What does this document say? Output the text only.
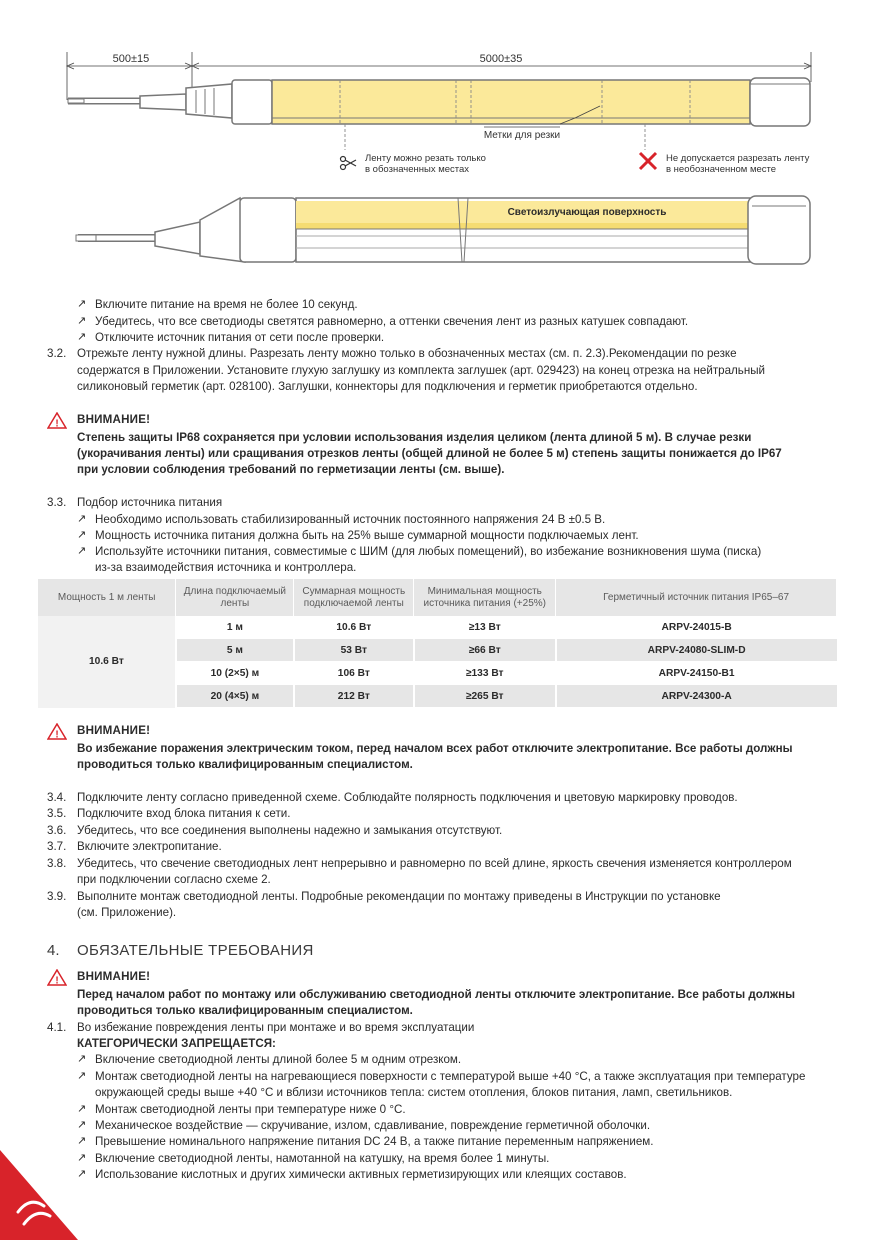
500±15	5000±35
Метки для резки
Ленту можно резать только
в обозначенных местах
Не допускается разрезать ленту
в необозначенном месте
Светоизлучающая поверхность
↗ Включите питание на время не более 10 секунд.
↗ Убедитесь, что все светодиоды светятся равномерно, а оттенки свечения лент из разных катушек совпадают.
↗ Отключите источник питания от сети после проверки.
3.2. Отрежьте ленту нужной длины. Разрезать ленту можно только в обозначенных местах (см. п. 2.3).Рекомендации по резке
содержатся в Приложении. Установите глухую заглушку из комплекта заглушек (арт. 029423) на конец отрезка на нейтральный
силиконовый герметик (арт. 028100). Заглушки, коннекторы для подключения и герметик приобретаются отдельно.
! ВНИМАНИЕ!
Степень защиты IP68 сохраняется при условии использования изделия целиком (лента длиной 5 м). В случае резки
(укорачивания ленты) или сращивания отрезков ленты (общей длиной не более 5 м) степень защиты понижается до IP67
при условии соблюдения требований по герметизации ленты (см. выше).
3.3. Подбор источника питания
↗ Необходимо использовать стабилизированный источник постоянного напряжения 24 В ±0.5 В.
↗ Мощность источника питания должна быть на 25% выше суммарной мощности подключаемых лент.
↗ Используйте источники питания, совместимые с ШИМ (для любых помещений), во избежание возникновения шума (писка)
из-за взаимодействия источника и контроллера.
Мощность 1 м ленты	Длина подключаемый ленты	Суммарная мощность подключаемой ленты	Минимальная мощность источника питания (+25%)	Герметичный источник питания IP65–67
10.6 Вт	1 м	10.6 Вт	≥13 Вт	ARPV-24015-B
	5 м	53 Вт	≥66 Вт	ARPV-24080-SLIM-D
	10 (2×5) м	106 Вт	≥133 Вт	ARPV-24150-B1
	20 (4×5) м	212 Вт	≥265 Вт	ARPV-24300-A
! ВНИМАНИЕ!
Во избежание поражения электрическим током, перед началом всех работ отключите электропитание. Все работы должны
проводиться только квалифицированным специалистом.
3.4. Подключите ленту согласно приведенной схеме. Соблюдайте полярность подключения и цветовую маркировку проводов.
3.5. Подключите вход блока питания к сети.
3.6. Убедитесь, что все соединения выполнены надежно и замыкания отсутствуют.
3.7. Включите электропитание.
3.8. Убедитесь, что свечение светодиодных лент непрерывно и равномерно по всей длине, яркость свечения изменяется контроллером
при подключении согласно схеме 2.
3.9. Выполните монтаж светодиодной ленты. Подробные рекомендации по монтажу приведены в Инструкции по установке
(см. Приложение).
4. ОБЯЗАТЕЛЬНЫЕ ТРЕБОВАНИЯ
! ВНИМАНИЕ!
Перед началом работ по монтажу или обслуживанию светодиодной ленты отключите электропитание. Все работы должны
проводиться только квалифицированным специалистом.
4.1. Во избежание повреждения ленты при монтаже и во время эксплуатации
КАТЕГОРИЧЕСКИ ЗАПРЕЩАЕТСЯ:
↗ Включение светодиодной ленты длиной более 5 м одним отрезком.
↗ Монтаж светодиодной ленты на нагревающиеся поверхности с температурой выше +40 °С, а также эксплуатация при температуре
окружающей среды выше +40 °С и вблизи источников тепла: систем отопления, блоков питания, ламп, светильников.
↗ Монтаж светодиодной ленты при температуре ниже 0 °С.
↗ Механическое воздействие — скручивание, излом, сдавливание, повреждение герметичной оболочки.
↗ Превышение номинального напряжение питания DC 24 В, а также питание переменным напряжением.
↗ Включение светодиодной ленты, намотанной на катушку, на время более 1 минуты.
↗ Использование кислотных и других химически активных герметизирующих или клеящих составов.
